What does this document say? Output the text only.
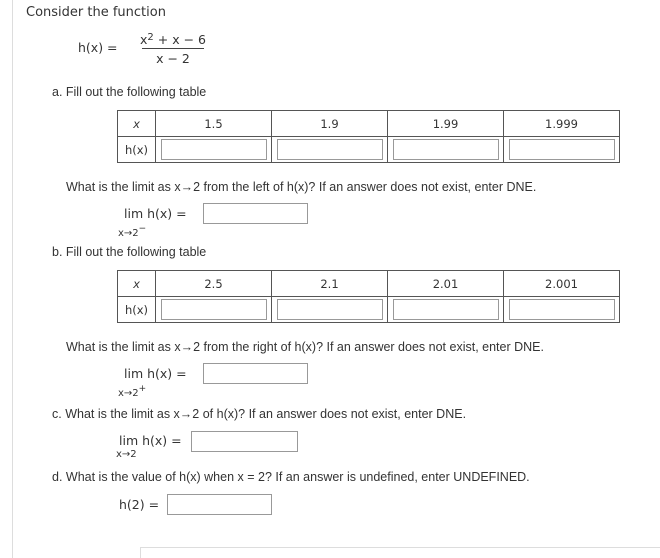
Consider the function
h(x) =
$x^2 + x - 6$
x − 2
a. Fill out the following table
x	1.5	1.9	1.99	1.999
h(x)	

What is the limit as x→2 from the left of h(x)? If an answer does not exist, enter DNE.
lim h(x) =
x→2−
b. Fill out the following table
x	2.5	2.1	2.01	2.001
h(x)	

What is the limit as x→2 from the right of h(x)? If an answer does not exist, enter DNE.
lim h(x) =
x→2+
c. What is the limit as x→2 of h(x)? If an answer does not exist, enter DNE.
lim h(x) =
x→2
d. What is the value of h(x) when x = 2? If an answer is undefined, enter UNDEFINED.
h(2) =
